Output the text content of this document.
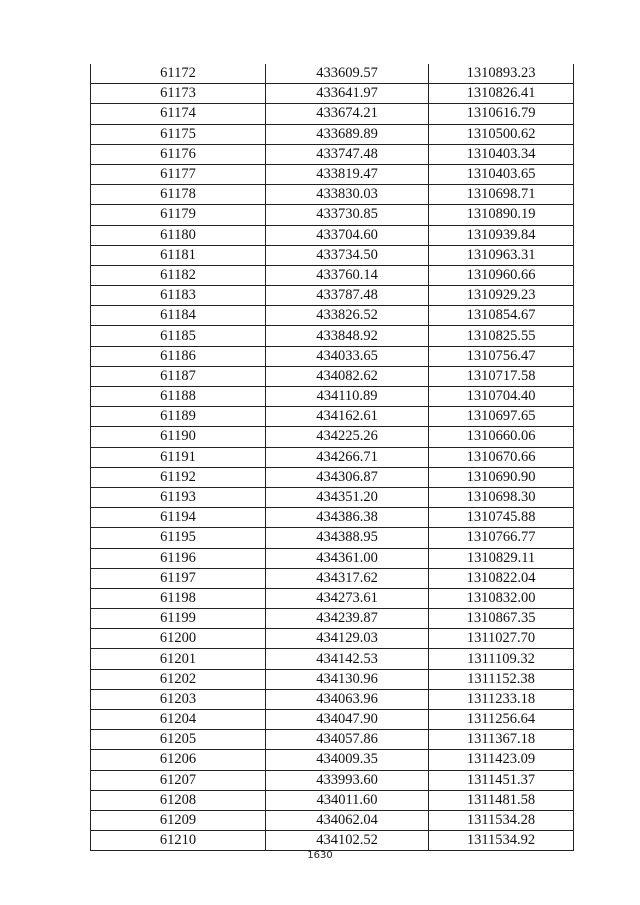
61172	433609.57	1310893.23
61173	433641.97	1310826.41
61174	433674.21	1310616.79
61175	433689.89	1310500.62
61176	433747.48	1310403.34
61177	433819.47	1310403.65
61178	433830.03	1310698.71
61179	433730.85	1310890.19
61180	433704.60	1310939.84
61181	433734.50	1310963.31
61182	433760.14	1310960.66
61183	433787.48	1310929.23
61184	433826.52	1310854.67
61185	433848.92	1310825.55
61186	434033.65	1310756.47
61187	434082.62	1310717.58
61188	434110.89	1310704.40
61189	434162.61	1310697.65
61190	434225.26	1310660.06
61191	434266.71	1310670.66
61192	434306.87	1310690.90
61193	434351.20	1310698.30
61194	434386.38	1310745.88
61195	434388.95	1310766.77
61196	434361.00	1310829.11
61197	434317.62	1310822.04
61198	434273.61	1310832.00
61199	434239.87	1310867.35
61200	434129.03	1311027.70
61201	434142.53	1311109.32
61202	434130.96	1311152.38
61203	434063.96	1311233.18
61204	434047.90	1311256.64
61205	434057.86	1311367.18
61206	434009.35	1311423.09
61207	433993.60	1311451.37
61208	434011.60	1311481.58
61209	434062.04	1311534.28
61210	434102.52	1311534.92
1630
